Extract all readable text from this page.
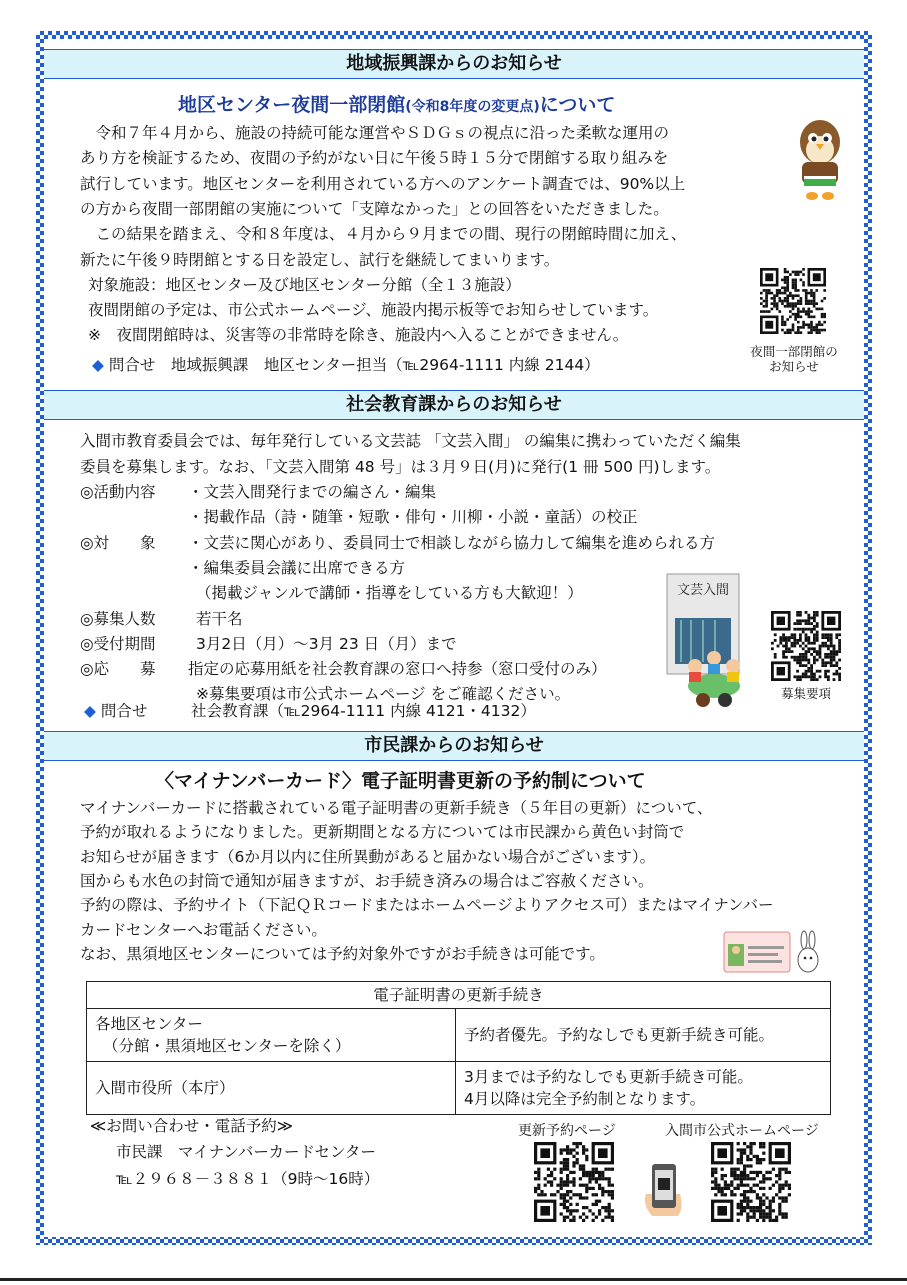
地域振興課からのお知らせ
地区センター夜間一部閉館(令和8年度の変更点)について
　令和７年４月から、施設の持続可能な運営やＳＤＧｓの視点に沿った柔軟な運用の
あり方を検証するため、夜間の予約がない日に午後５時１５分で閉館する取り組みを
試行しています。地区センターを利用されている方へのアンケート調査では、90%以上
の方から夜間一部閉館の実施について「支障なかった」との回答をいただきました。
　この結果を踏まえ、令和８年度は、４月から９月までの間、現行の閉館時間に加え、
新たに午後９時閉館とする日を設定し、試行を継続してまいります。
対象施設：地区センター及び地区センター分館（全１３施設）
夜間閉館の予定は、市公式ホームページ、施設内掲示板等でお知らせしています。
※　夜間閉館時は、災害等の非常時を除き、施設内へ入ることができません。
◆ 問合せ　地域振興課　地区センター担当（℡2964-1111 内線 2144）
夜間一部閉館の
お知らせ
社会教育課からのお知らせ
入間市教育委員会では、毎年発行している文芸誌 「文芸入間」 の編集に携わっていただく編集
委員を募集します。なお、「文芸入間第 48 号」は３月９日(月)に発行(1 冊 500 円)します。
◎活動内容 ・文芸入間発行までの編さん・編集
・掲載作品（詩・随筆・短歌・俳句・川柳・小説・童話）の校正
◎対　　象 ・文芸に関心があり、委員同士で相談しながら協力して編集を進められる方
・編集委員会議に出席できる方
（掲載ジャンルで講師・指導をしている方も大歓迎！）
◎募集人数	若干名
◎受付期間	3月2日（月）～3月 23 日（月）まで
◎応　　募 指定の応募用紙を社会教育課の窓口へ持参（窓口受付のみ）
※募集要項は市公式ホームページ をご確認ください。
◆ 問合せ	社会教育課（℡2964-1111 内線 4121・4132）
文芸入間
募集要項
市民課からのお知らせ
〈マイナンバーカード〉電子証明書更新の予約制について
マイナンバーカードに搭載されている電子証明書の更新手続き（５年目の更新）について、
予約が取れるようになりました。更新期間となる方については市民課から黄色い封筒で
お知らせが届きます（6か月以内に住所異動があると届かない場合がございます）。
国からも水色の封筒で通知が届きますが、お手続き済みの場合はご容赦ください。
予約の際は、予約サイト（下記ＱＲコードまたはホームページよりアクセス可）またはマイナンバー
カードセンターへお電話ください。
なお、黒須地区センターについては予約対象外ですがお手続きは可能です。
電子証明書の更新手続き	

各地区センター
（分館・黒須地区センターを除く）	予約者優先。予約なしでも更新手続き可能。

入間市役所（本庁）	3月までは予約なしでも更新手続き可能。
4月以降は完全予約制となります。
≪お問い合わせ・電話予約≫
市民課　マイナンバーカードセンター
℡２９６８－３８８１（9時～16時）
更新予約ページ	入間市公式ホームページ
